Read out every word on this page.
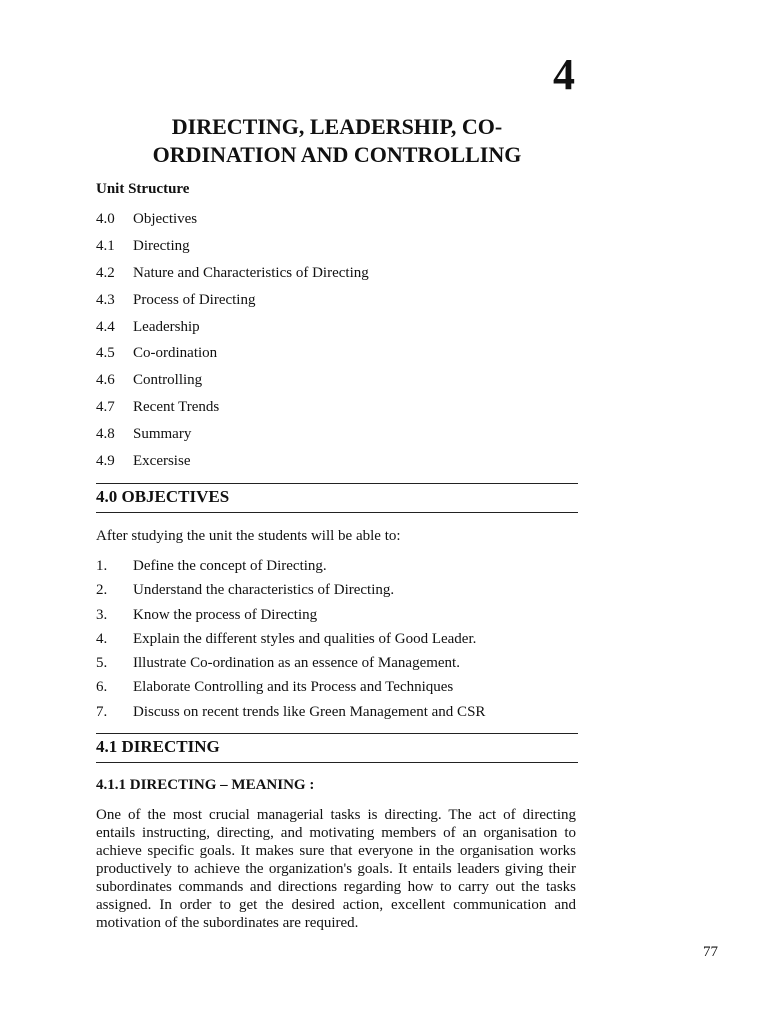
4
DIRECTING, LEADERSHIP, CO-
ORDINATION AND CONTROLLING
Unit Structure
4.0	Objectives
4.1	Directing
4.2	Nature and Characteristics of Directing
4.3	Process of Directing
4.4	Leadership
4.5	Co-ordination
4.6	Controlling
4.7	Recent Trends
4.8	Summary
4.9	Excersise
4.0 OBJECTIVES
After studying the unit the students will be able to:
1.	Define the concept of Directing.
2.	Understand the characteristics of Directing.
3.	Know the process of Directing
4.	Explain the different styles and qualities of Good Leader.
5.	Illustrate Co-ordination as an essence of Management.
6.	Elaborate Controlling and its Process and Techniques
7.	Discuss on recent trends like Green Management and CSR
4.1 DIRECTING
4.1.1 DIRECTING – MEANING :
One of the most crucial managerial tasks is directing. The act of directing entails instructing, directing, and motivating members of an organisation to achieve specific goals. It makes sure that everyone in the organisation works productively to achieve the organization's goals. It entails leaders giving their subordinates commands and directions regarding how to carry out the tasks assigned. In order to get the desired action, excellent communication and motivation of the subordinates are required.
77
